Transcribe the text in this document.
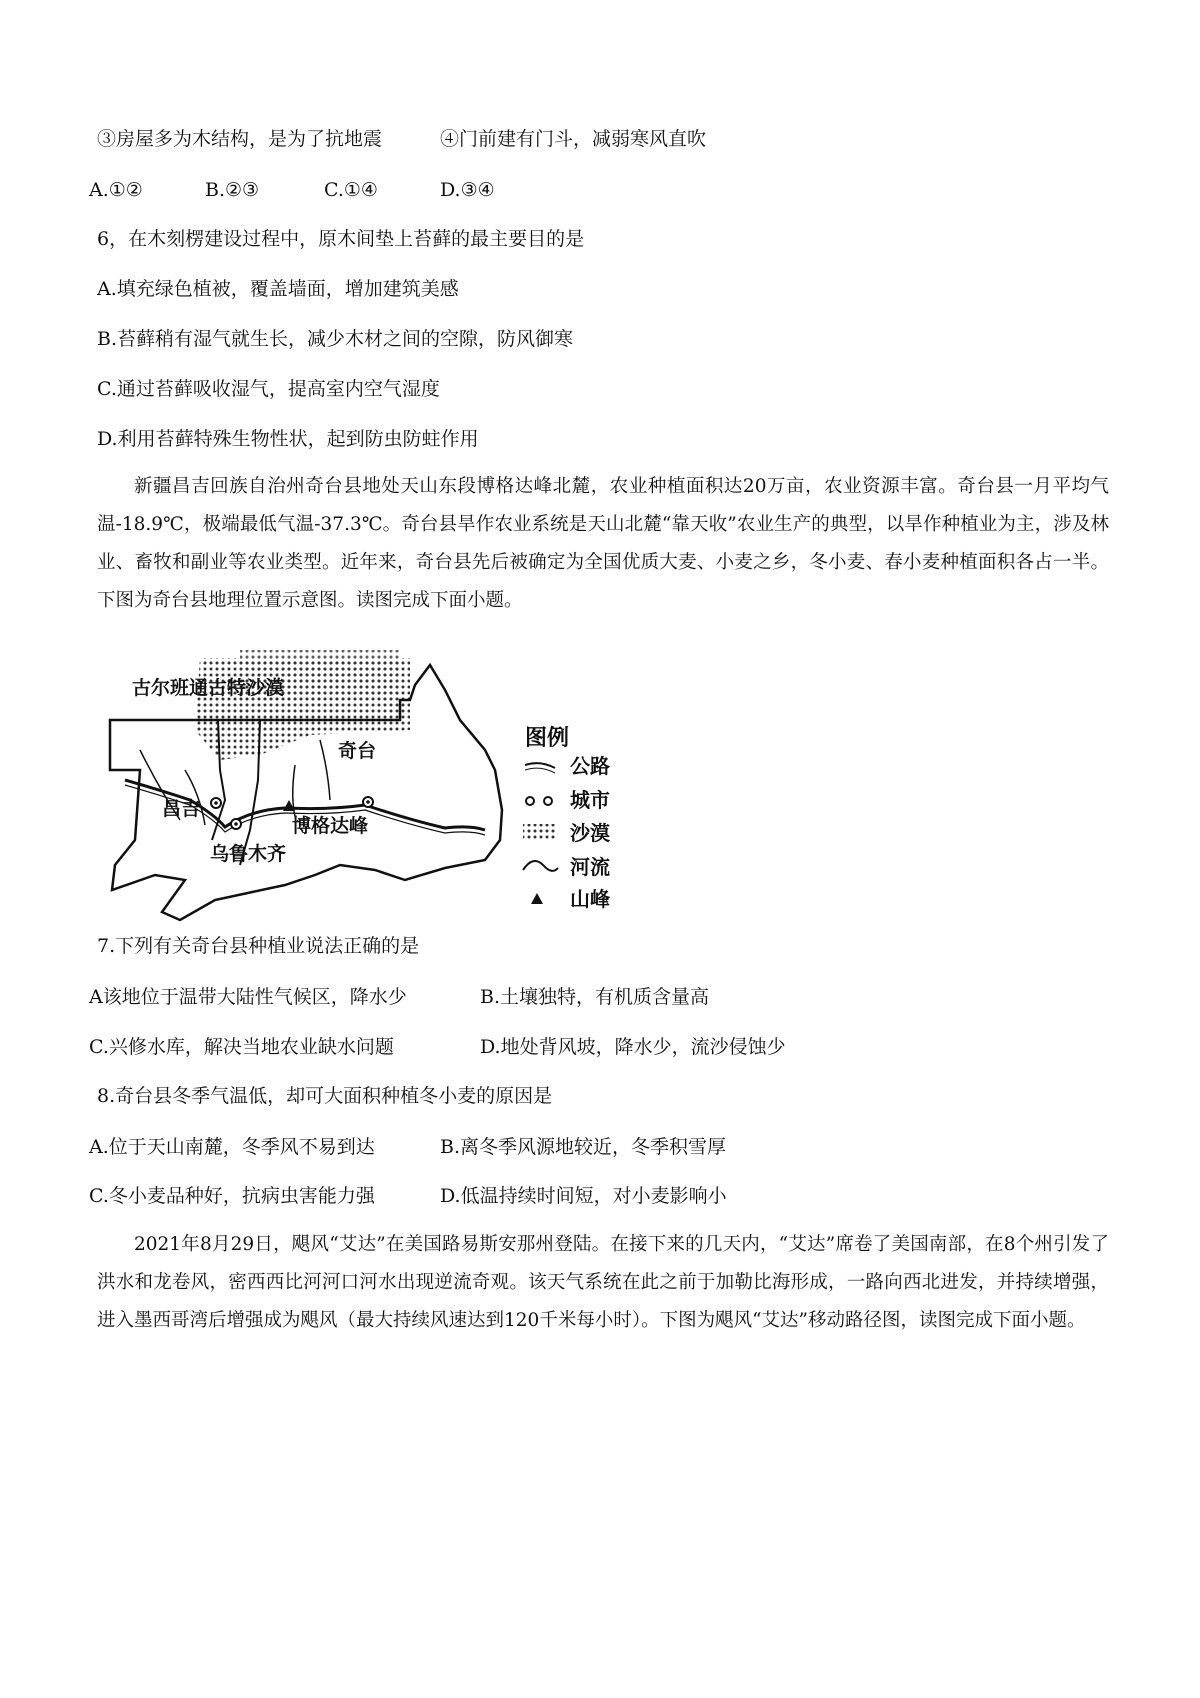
③房屋多为木结构，是为了抗地震	④门前建有门斗，减弱寒风直吹
A.①②	B.②③	C.①④	D.③④
6，在木刻楞建设过程中，原木间垫上苔藓的最主要目的是
A.填充绿色植被，覆盖墙面，增加建筑美感
B.苔藓稍有湿气就生长，减少木材之间的空隙，防风御寒
C.通过苔藓吸收湿气，提高室内空气湿度
D.利用苔藓特殊生物性状，起到防虫防蛀作用

新疆昌吉回族自治州奇台县地处天山东段博格达峰北麓，农业种植面积达20万亩，农业资源丰富。奇台县一月平均气温-18.9℃，极端最低气温-37.3℃。奇台县旱作农业系统是天山北麓“靠天收”农业生产的典型，以旱作种植业为主，涉及林业、畜牧和副业等农业类型。近年来，奇台县先后被确定为全国优质大麦、小麦之乡，冬小麦、春小麦种植面积各占一半。下图为奇台县地理位置示意图。读图完成下面小题。

古尔班通古特沙漠
昌吉
乌鲁木齐
奇台
博格达峰
图例
公路
城市
沙漠
河流
山峰
7.下列有关奇台县种植业说法正确的是
A该地位于温带大陆性气候区，降水少	B.土壤独特，有机质含量高
C.兴修水库，解决当地农业缺水问题	D.地处背风坡，降水少，流沙侵蚀少
8.奇台县冬季气温低，却可大面积种植冬小麦的原因是
A.位于天山南麓，冬季风不易到达	B.离冬季风源地较近，冬季积雪厚
C.冬小麦品种好，抗病虫害能力强	D.低温持续时间短，对小麦影响小

2021年8月29日，飓风“艾达”在美国路易斯安那州登陆。在接下来的几天内，“艾达”席卷了美国南部，在8个州引发了洪水和龙卷风，密西西比河河口河水出现逆流奇观。该天气系统在此之前于加勒比海形成，一路向西北进发，并持续增强，进入墨西哥湾后增强成为飓风（最大持续风速达到120千米每小时）。下图为飓风“艾达”移动路径图，读图完成下面小题。
